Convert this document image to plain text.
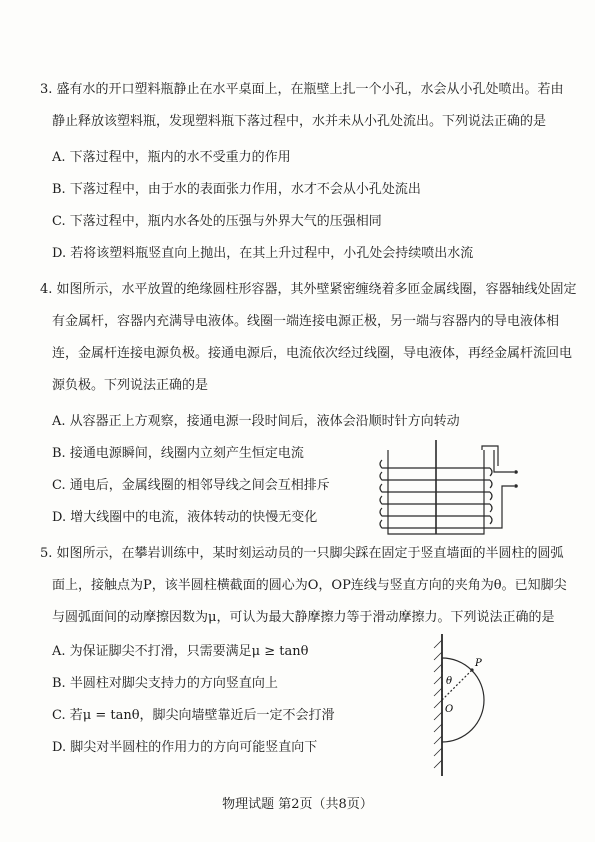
3. 盛有水的开口塑料瓶静止在水平桌面上，在瓶壁上扎一个小孔，水会从小孔处喷出。若由
静止释放该塑料瓶，发现塑料瓶下落过程中，水并未从小孔处流出。下列说法正确的是
A. 下落过程中，瓶内的水不受重力的作用
B. 下落过程中，由于水的表面张力作用，水才不会从小孔处流出
C. 下落过程中，瓶内水各处的压强与外界大气的压强相同
D. 若将该塑料瓶竖直向上抛出，在其上升过程中，小孔处会持续喷出水流
4. 如图所示，水平放置的绝缘圆柱形容器，其外壁紧密缠绕着多匝金属线圈，容器轴线处固定
有金属杆，容器内充满导电液体。线圈一端连接电源正极，另一端与容器内的导电液体相
连，金属杆连接电源负极。接通电源后，电流依次经过线圈，导电液体，再经金属杆流回电
源负极。下列说法正确的是
A. 从容器正上方观察，接通电源一段时间后，液体会沿顺时针方向转动
B. 接通电源瞬间，线圈内立刻产生恒定电流
C. 通电后，金属线圈的相邻导线之间会互相排斥
D. 增大线圈中的电流，液体转动的快慢无变化
5. 如图所示，在攀岩训练中，某时刻运动员的一只脚尖踩在固定于竖直墙面的半圆柱的圆弧
面上，接触点为P，该半圆柱横截面的圆心为O，OP连线与竖直方向的夹角为θ。已知脚尖
与圆弧面间的动摩擦因数为μ，可认为最大静摩擦力等于滑动摩擦力。下列说法正确的是
A. 为保证脚尖不打滑，只需要满足μ ≥ tanθ
B. 半圆柱对脚尖支持力的方向竖直向上
C. 若μ = tanθ，脚尖向墙壁靠近后一定不会打滑
D. 脚尖对半圆柱的作用力的方向可能竖直向下
P
θ
O
物理试题 第2页（共8页）
